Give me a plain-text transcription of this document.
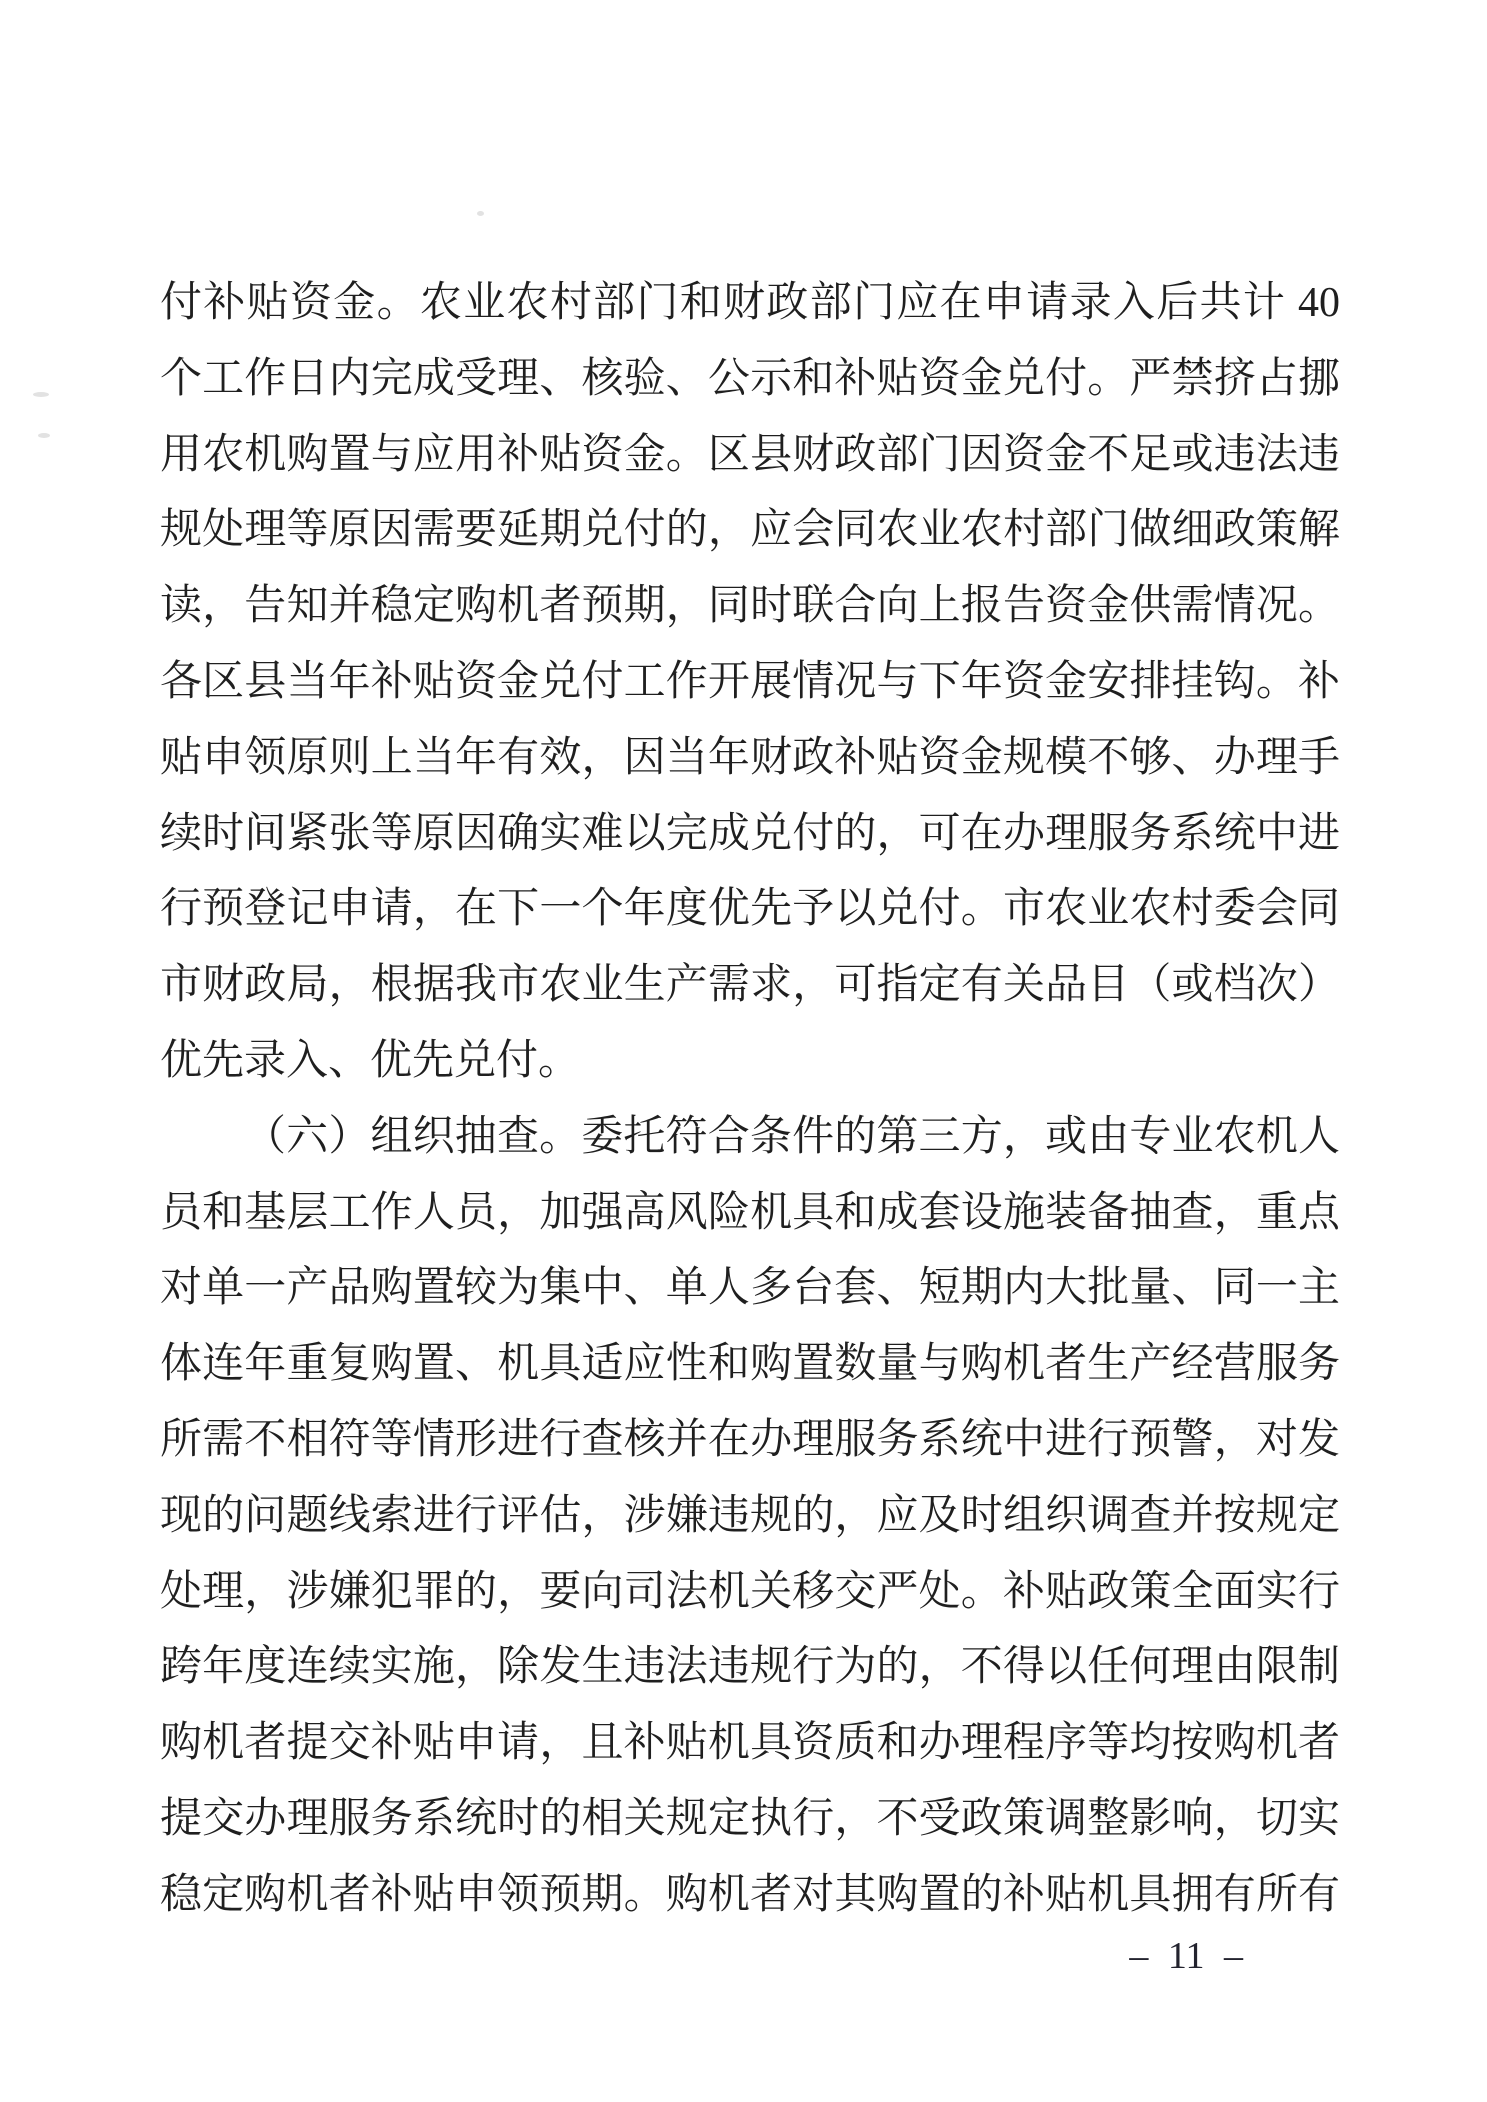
付补贴资金。农业农村部门和财政部门应在申请录入后共计 40
个工作日内完成受理、核验、公示和补贴资金兑付。严禁挤占挪
用农机购置与应用补贴资金。区县财政部门因资金不足或违法违
规处理等原因需要延期兑付的，应会同农业农村部门做细政策解
读，告知并稳定购机者预期，同时联合向上报告资金供需情况。
各区县当年补贴资金兑付工作开展情况与下年资金安排挂钩。补
贴申领原则上当年有效，因当年财政补贴资金规模不够、办理手
续时间紧张等原因确实难以完成兑付的，可在办理服务系统中进
行预登记申请，在下一个年度优先予以兑付。市农业农村委会同
市财政局，根据我市农业生产需求，可指定有关品目（或档次）
优先录入、优先兑付。
（六）组织抽查。委托符合条件的第三方，或由专业农机人
员和基层工作人员，加强高风险机具和成套设施装备抽查，重点
对单一产品购置较为集中、单人多台套、短期内大批量、同一主
体连年重复购置、机具适应性和购置数量与购机者生产经营服务
所需不相符等情形进行查核并在办理服务系统中进行预警，对发
现的问题线索进行评估，涉嫌违规的，应及时组织调查并按规定
处理，涉嫌犯罪的，要向司法机关移交严处。补贴政策全面实行
跨年度连续实施，除发生违法违规行为的，不得以任何理由限制
购机者提交补贴申请，且补贴机具资质和办理程序等均按购机者
提交办理服务系统时的相关规定执行，不受政策调整影响，切实
稳定购机者补贴申领预期。购机者对其购置的补贴机具拥有所有
– 11 –
